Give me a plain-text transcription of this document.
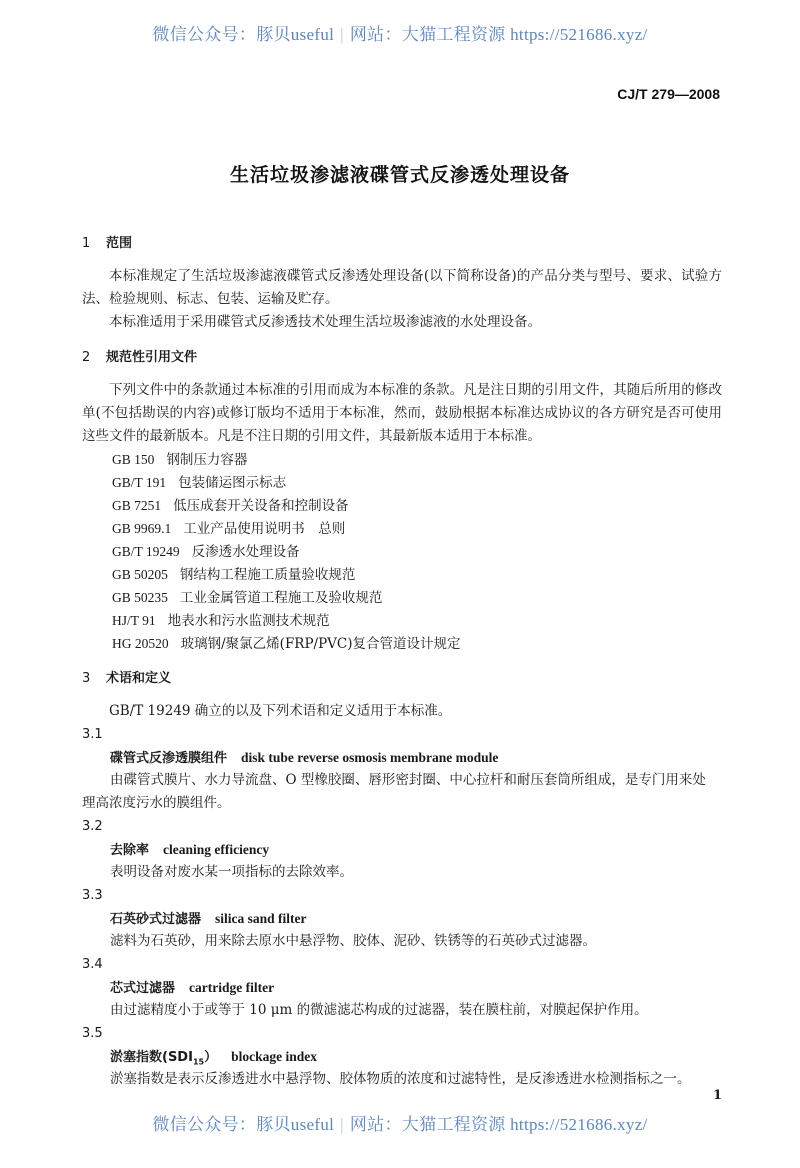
微信公众号：豚贝useful | 网站：大猫工程资源 https://521686.xyz/
CJ/T 279—2008
生活垃圾渗滤液碟管式反渗透处理设备
1 范围

本标准规定了生活垃圾渗滤液碟管式反渗透处理设备(以下简称设备)的产品分类与型号、要求、试验方法、检验规则、标志、包装、运输及贮存。

本标准适用于采用碟管式反渗透技术处理生活垃圾渗滤液的水处理设备。

2 规范性引用文件

下列文件中的条款通过本标准的引用而成为本标准的条款。凡是注日期的引用文件，其随后所用的修改单(不包括勘误的内容)或修订版均不适用于本标准，然而，鼓励根据本标准达成协议的各方研究是否可使用这些文件的最新版本。凡是不注日期的引用文件，其最新版本适用于本标准。

GB 150 钢制压力容器
GB/T 191 包装储运图示标志
GB 7251 低压成套开关设备和控制设备
GB 9969.1 工业产品使用说明书　总则
GB/T 19249 反渗透水处理设备
GB 50205 钢结构工程施工质量验收规范
GB 50235 工业金属管道工程施工及验收规范
HJ/T 91 地表水和污水监测技术规范
HG 20520 玻璃钢/聚氯乙烯(FRP/PVC)复合管道设计规定
3 术语和定义

GB/T 19249 确立的以及下列术语和定义适用于本标准。

3.1
碟管式反渗透膜组件 disk tube reverse osmosis membrane module

由碟管式膜片、水力导流盘、O 型橡胶圈、唇形密封圈、中心拉杆和耐压套筒所组成，是专门用来处

理高浓度污水的膜组件。

3.2
去除率 cleaning efficiency

表明设备对废水某一项指标的去除效率。

3.3
石英砂式过滤器 silica sand filter

滤料为石英砂，用来除去原水中悬浮物、胶体、泥砂、铁锈等的石英砂式过滤器。

3.4
芯式过滤器 cartridge filter

由过滤精度小于或等于 10 μm 的微滤滤芯构成的过滤器，装在膜柱前，对膜起保护作用。

3.5
淤塞指数$(SDI_{15})$ blockage index

淤塞指数是表示反渗透进水中悬浮物、胶体物质的浓度和过滤特性，是反渗透进水检测指标之一。

1
微信公众号：豚贝useful | 网站：大猫工程资源 https://521686.xyz/
